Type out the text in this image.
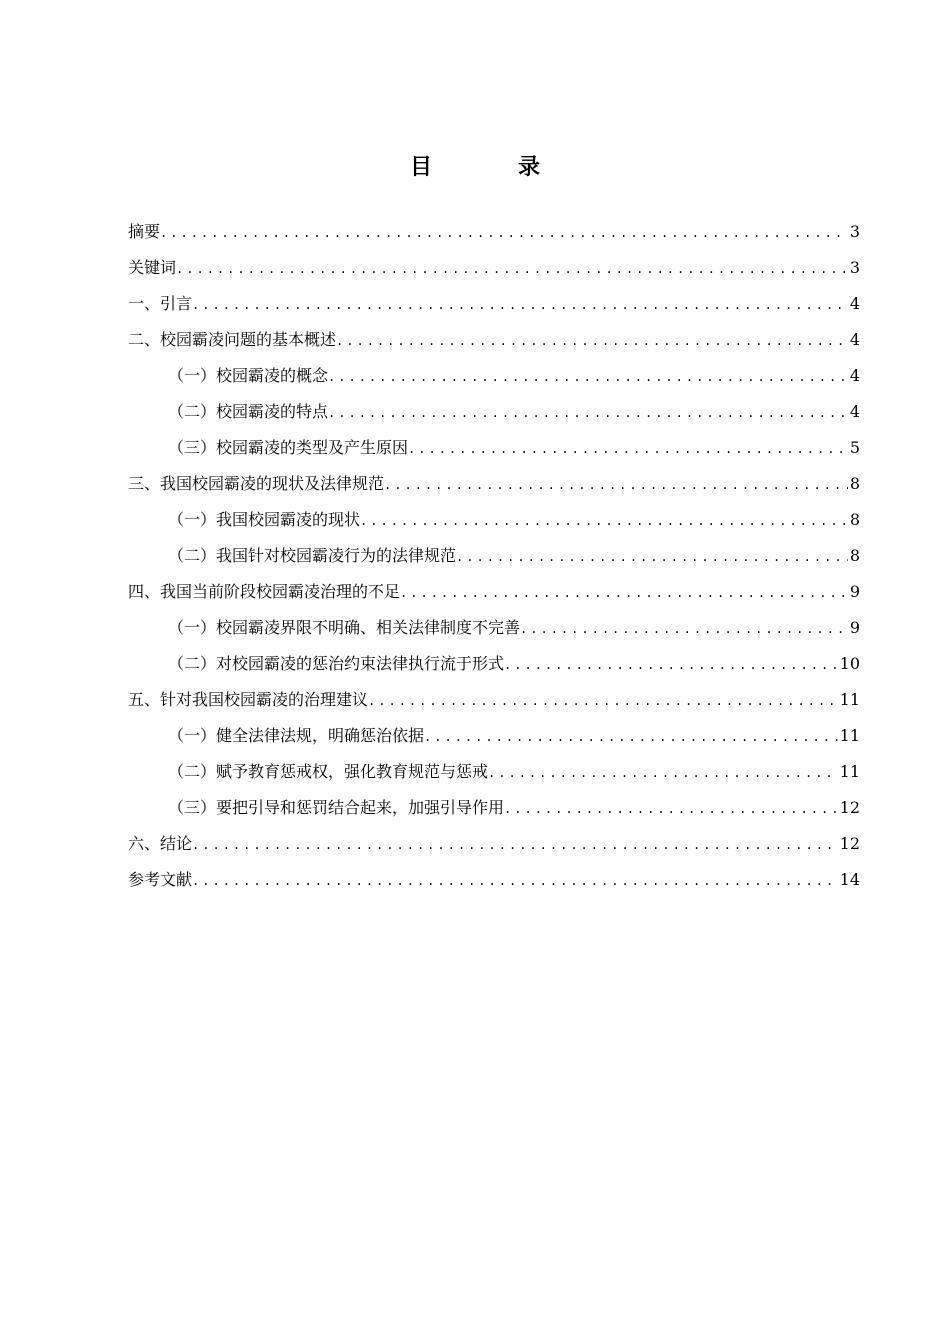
目　录
摘要 .....	3
关键词 .....	3
一、引言 .....	4
二、校园霸凌问题的基本概述 .....	4
（一）校园霸凌的概念 .....	4
（二）校园霸凌的特点 .....	4
（三）校园霸凌的类型及产生原因 .....	5
三、我国校园霸凌的现状及法律规范 .....	8
（一）我国校园霸凌的现状 .....	8
（二）我国针对校园霸凌行为的法律规范 .....	8
四、我国当前阶段校园霸凌治理的不足 .....	9
（一）校园霸凌界限不明确、相关法律制度不完善 .....	9
（二）对校园霸凌的惩治约束法律执行流于形式 .....	10
五、针对我国校园霸凌的治理建议 .....	11
（一）健全法律法规，明确惩治依据 .....	11
（二）赋予教育惩戒权，强化教育规范与惩戒 .....	11
（三）要把引导和惩罚结合起来，加强引导作用 .....	12
六、结论 .....	12
参考文献 .....	14
